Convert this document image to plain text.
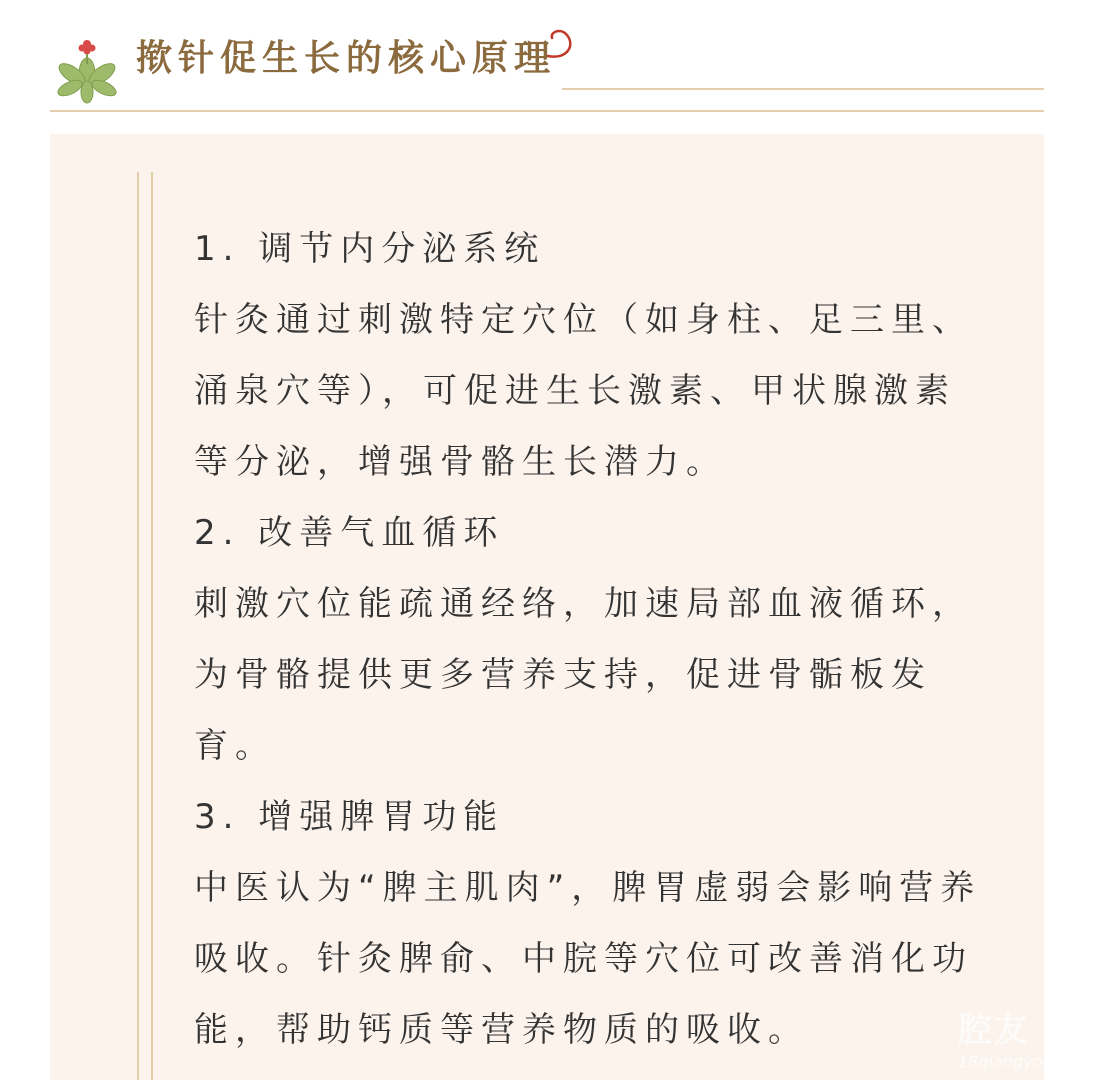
揿针促生长的核心原理
1. 调节内分泌系统
针灸通过刺激特定穴位（如身柱、足三里、
涌泉穴等），可促进生长激素、甲状腺激素
等分泌，增强骨骼生长潜力。
2. 改善气血循环
刺激穴位能疏通经络，加速局部血液循环，
为骨骼提供更多营养支持，促进骨骺板发
育。
3. 增强脾胃功能
中医认为“脾主肌肉”，脾胃虚弱会影响营养
吸收。针灸脾俞、中脘等穴位可改善消化功
能，帮助钙质等营养物质的吸收。	腔友
18qiangyou
